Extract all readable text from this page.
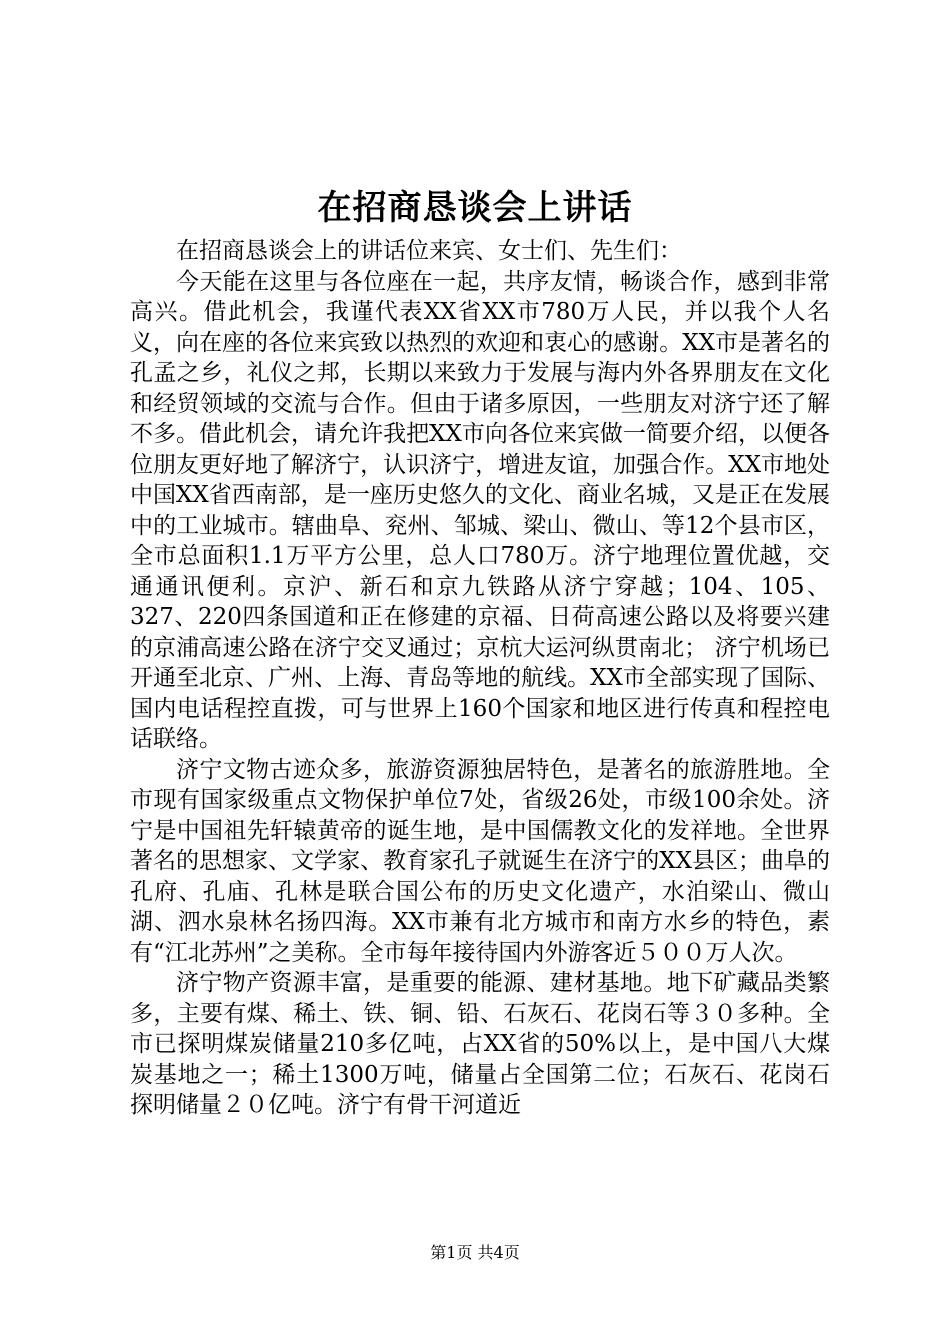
在招商恳谈会上讲话

在招商恳谈会上的讲话位来宾、女士们、先生们：

今天能在这里与各位座在一起，共序友情，畅谈合作，感到非常高兴。借此机会，我谨代表XX省XX市780万人民，并以我个人名义，向在座的各位来宾致以热烈的欢迎和衷心的感谢。XX市是著名的孔孟之乡，礼仪之邦，长期以来致力于发展与海内外各界朋友在文化和经贸领域的交流与合作。但由于诸多原因，一些朋友对济宁还了解不多。借此机会，请允许我把XX市向各位来宾做一简要介绍，以便各位朋友更好地了解济宁，认识济宁，增进友谊，加强合作。XX市地处中国XX省西南部，是一座历史悠久的文化、商业名城，又是正在发展中的工业城市。辖曲阜、兖州、邹城、梁山、微山、等12个县市区，全市总面积1.1万平方公里，总人口780万。济宁地理位置优越，交通通讯便利。京沪、新石和京九铁路从济宁穿越；104、105、327、220四条国道和正在修建的京福、日荷高速公路以及将要兴建的京浦高速公路在济宁交叉通过；京杭大运河纵贯南北； 济宁机场已开通至北京、广州、上海、青岛等地的航线。XX市全部实现了国际、国内电话程控直拨，可与世界上160个国家和地区进行传真和程控电话联络。

济宁文物古迹众多，旅游资源独居特色，是著名的旅游胜地。全市现有国家级重点文物保护单位7处，省级26处，市级100余处。济宁是中国祖先轩辕黄帝的诞生地，是中国儒教文化的发祥地。全世界著名的思想家、文学家、教育家孔子就诞生在济宁的XX县区；曲阜的孔府、孔庙、孔林是联合国公布的历史文化遗产，水泊梁山、微山湖、泗水泉林名扬四海。XX市兼有北方城市和南方水乡的特色，素有“江北苏州”之美称。全市每年接待国内外游客近５００万人次。

济宁物产资源丰富，是重要的能源、建材基地。地下矿藏品类繁多，主要有煤、稀土、铁、铜、铅、石灰石、花岗石等３０多种。全市已探明煤炭储量210多亿吨，占XX省的50%以上，是中国八大煤炭基地之一；稀土1300万吨，储量占全国第二位；石灰石、花岗石探明储量２０亿吨。济宁有骨干河道近

第1页 共4页
